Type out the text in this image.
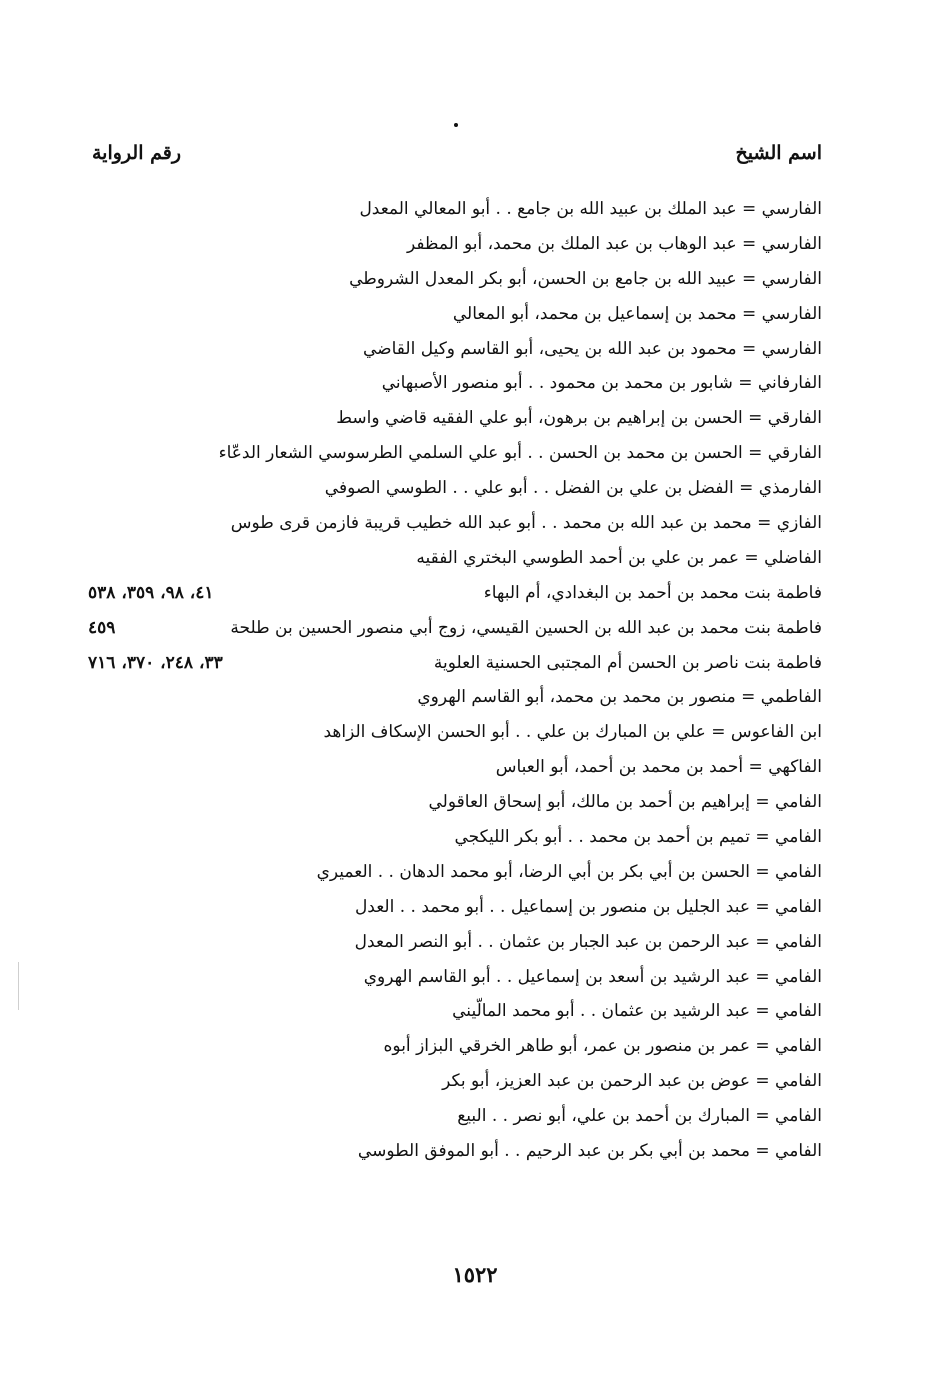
اسم الشيخ
رقم الرواية
الفارسي = عبد الملك بن عبيد الله بن جامع . . أبو المعالي المعدل
الفارسي = عبد الوهاب بن عبد الملك بن محمد، أبو المظفر
الفارسي = عبيد الله بن جامع بن الحسن، أبو بكر المعدل الشروطي
الفارسي = محمد بن إسماعيل بن محمد، أبو المعالي
الفارسي = محمود بن عبد الله بن يحيى، أبو القاسم وكيل القاضي
الفارفاني = شابور بن محمد بن محمود . . أبو منصور الأصبهاني
الفارقي = الحسن بن إبراهيم بن برهون، أبو علي الفقيه قاضي واسط
الفارقي = الحسن بن محمد بن الحسن . . أبو علي السلمي الطرسوسي الشعار الدعّاء
الفارمذي = الفضل بن علي بن الفضل . . أبو علي . . الطوسي الصوفي
الفازي = محمد بن عبد الله بن محمد . . أبو عبد الله خطيب قريبة فازمن قرى طوس
الفاضلي = عمر بن علي بن أحمد الطوسي البختري الفقيه
فاطمة بنت محمد بن أحمد بن البغدادي، أم البهاء
٤١، ٩٨، ٣٥٩، ٥٣٨
فاطمة بنت محمد بن عبد الله بن الحسين القيسي، زوج أبي منصور الحسين بن طلحة
٤٥٩
فاطمة بنت ناصر بن الحسن أم المجتبى الحسنية العلوية
٣٣، ٢٤٨، ٣٧٠، ٧١٦
الفاطمي = منصور بن محمد بن محمد، أبو القاسم الهروي
ابن الفاعوس = علي بن المبارك بن علي . . أبو الحسن الإسكاف الزاهد
الفاكهي = أحمد بن محمد بن أحمد، أبو العباس
الفامي = إبراهيم بن أحمد بن مالك، أبو إسحاق العاقولي
الفامي = تميم بن أحمد بن محمد . . أبو بكر الليكجي
الفامي = الحسن بن أبي بكر بن أبي الرضا، أبو محمد الدهان . . العميري
الفامي = عبد الجليل بن منصور بن إسماعيل . . أبو محمد . . العدل
الفامي = عبد الرحمن بن عبد الجبار بن عثمان . . أبو النصر المعدل
الفامي = عبد الرشيد بن أسعد بن إسماعيل . . أبو القاسم الهروي
الفامي = عبد الرشيد بن عثمان . . أبو محمد المالّيني
الفامي = عمر بن منصور بن عمر، أبو طاهر الخرقي البزاز أبوه
الفامي = عوض بن عبد الرحمن بن عبد العزيز، أبو بكر
الفامي = المبارك بن أحمد بن علي، أبو نصر . . البيع
الفامي = محمد بن أبي بكر بن عبد الرحيم . . أبو الموفق الطوسي
١٥٢٢
